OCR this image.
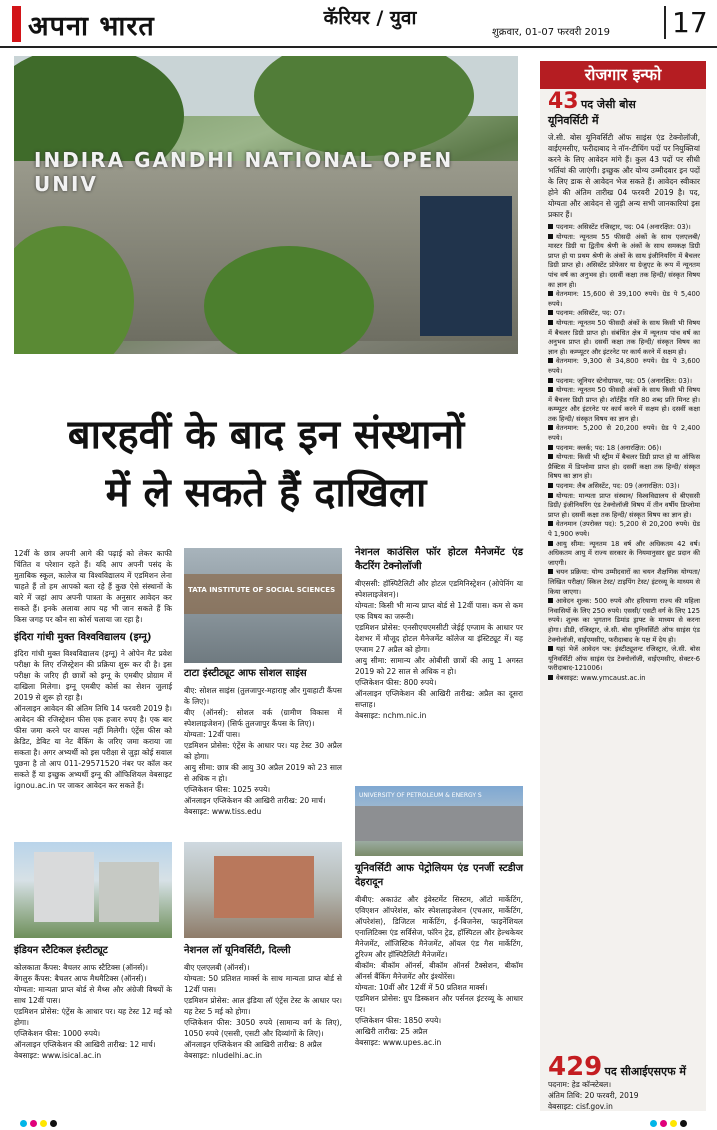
अपना भारत	कॅरियर / युवा
शुक्रवार, 01-07 फरवरी 2019 17
INDIRA GANDHI NATIONAL OPEN UNIV
बारहवीं के बाद इन संस्थानों
में ले सकते हैं दाखिला

12वीं के छात्र अपनी आगे की पढ़ाई को लेकर काफी चिंतित व परेशान रहते हैं। यदि आप अपनी पसंद के मुताबिक स्कूल, कालेज या विश्वविद्यालय में एडमिशन लेना चाहते हैं तो हम आपको बता रहे हैं कुछ ऐसे संस्थानों के बारे में जहां आप अपनी पात्रता के अनुसार आवेदन कर सकते हैं। इनके अलावा आप यह भी जान सकते हैं कि किस जगह पर कौन सा कोर्स चलाया जा रहा है।

इंदिरा गांधी मुक्त विश्वविद्यालय (इग्नू)

इंदिरा गांधी मुक्त विश्वविद्यालय (इग्नू) ने ओपेन मैट प्रवेश परीक्षा के लिए रजिस्ट्रेशन की प्रक्रिया शुरू कर दी है। इस परीक्षा के जरिए ही छात्रों को इग्नू के एमबीए प्रोग्राम में दाखिला मिलेगा। इग्नू एमबीए कोर्स का सेशन जुलाई 2019 से शुरू हो रहा है।

ऑनलाइन आवेदन की अंतिम तिथि 14 फरवरी 2019 है। आवेदन की रजिस्ट्रेशन फीस एक हजार रुपए है। एक बार फीस जमा करने पर वापस नहीं मिलेगी। एंट्रेंस फीस को क्रेडिट, डेबिट या नेट बैंकिंग के जरिए जमा कराया जा सकता है। अगर अभ्यर्थी को इस परीक्षा से जुड़ा कोई सवाल पूछना है तो आप 011-29571520 नंबर पर कॉल कर सकते हैं या इच्छुक अभ्यर्थी इग्नू की ऑफिशियल वेबसाइट ignou.ac.in पर जाकर आवेदन कर सकते हैं।

TATA INSTITUTE OF SOCIAL SCIENCES
टाटा इंस्टीट्यूट आफ सोशल साइंस

बीए: सोशल साइंस (तुलजापुर-महाराष्ट्र और गुवाहाटी कैंपस के लिए)।

बीए (ऑनर्स): सोशल वर्क (ग्रामीण विकास में स्पेशलाइजेशन) (सिर्फ तुलजापुर कैंपस के लिए)।

योग्यता: 12वीं पास।

एडमिशन प्रोसेस: एंट्रेंस के आधार पर। यह टेस्ट 30 अप्रैल को होगा।

आयु सीमा: छात्र की आयु 30 अप्रैल 2019 को 23 साल से अधिक न हो।

एप्लिकेशन फीस: 1025 रुपये।

ऑनलाइन एप्लिकेशन की आखिरी तारीख: 20 मार्च।

वेबसाइट: www.tiss.edu

नेशनल काउंसिल फॉर होटल मैनेजमेंट एंड कैटरिंग टेक्नोलॉजी

बीएससी: हॉस्पिटैलिटी और होटल एडमिनिस्ट्रेशन (ओपेनिंग या स्पेशलाइजेशन)।

योग्यता: किसी भी मान्य प्राप्त बोर्ड से 12वीं पास। कम से कम एक विषय का जरूरी।

एडमिशन प्रोसेस: एनसीएचएमसीटी जेईई एग्जाम के आधार पर देशभर में मौजूद होटल मैनेजमेंट कॉलेज या इंस्टिट्यूट में। यह एग्जाम 27 अप्रैल को होगा।

आयु सीमा: सामान्य और ओबीसी छात्रों की आयु 1 अगस्त 2019 को 22 साल से अधिक न हो।

एप्लिकेशन फीस: 800 रुपये।

ऑनलाइन एप्लिकेशन की आखिरी तारीख: अप्रैल का दूसरा सप्ताह।

वेबसाइट: nchm.nic.in

UNIVERSITY OF PETROLEUM & ENERGY S
इंडियन स्टैटिकल इंस्टीट्यूट

कोलकाता कैंपस: बैचलर आफ स्टैटिक्स (ऑनर्स)।

बेंगलुरु कैंपस: बैचलर आफ मैथमैटिक्स (ऑनर्स)।

योग्यता: मान्यता प्राप्त बोर्ड से मैथ्स और अंग्रेजी विषयों के साथ 12वीं पास।

एडमिशन प्रोसेस: एंट्रेंस के आधार पर। यह टेस्ट 12 मई को होगा।

एप्लिकेशन फीस: 1000 रुपये।

ऑनलाइन एप्लिकेशन की आखिरी तारीख: 12 मार्च।

वेबसाइट: www.isical.ac.in

नेशनल लॉ यूनिवर्सिटी, दिल्ली

बीए एलएलबी (ऑनर्स)।

योग्यता: 50 प्रतिशत मार्क्स के साथ मान्यता प्राप्त बोर्ड से 12वीं पास।

एडमिशन प्रोसेस: आल इंडिया लॉ एंट्रेंस टेस्ट के आधार पर। यह टेस्ट 5 मई को होगा।

एप्लिकेशन फीस: 3050 रुपये (सामान्य वर्ग के लिए), 1050 रुपये (एससी, एसटी और दिव्यांगों के लिए)।

ऑनलाइन एप्लिकेशन की आखिरी तारीख: 8 अप्रैल

वेबसाइट: nludelhi.ac.in

यूनिवर्सिटी आफ पेट्रोलियम एंड एनर्जी स्टडीज देहरादून

बीबीए: अकाउंट और इंवेस्टमेंट सिस्टम, ऑटो मार्केटिंग, एविएशन ऑपरेशंस, कोर स्पेशलाइजेशन (एचआर, मार्केटिंग, ऑपरेशंस), डिजिटल मार्केटिंग, ई-बिजनेस, फाइनेंशियल एनालिटिक्स एंड सर्विसेज, फॉरेन ट्रेड, हॉस्पिटल और हेल्थकेयर मैनेजमेंट, लॉजिस्टिक मैनेजमेंट, ऑयल एंड गैस मार्केटिंग, टूरिज्म और हॉस्पिटैलिटी मैनेजमेंट।

बीकॉम: बीकॉम ऑनर्स, बीकॉम ऑनर्स टैक्सेशन, बीकॉम ऑनर्स बैंकिंग मैनेजमेंट और इंश्योरेंस।

योग्यता: 10वीं और 12वीं में 50 प्रतिशत मार्क्स।

एडमिशन प्रोसेस: ग्रुप डिस्कशन और पर्सनल इंटरव्यू के आधार पर।

एप्लिकेशन फीस: 1850 रुपये।

आखिरी तारीख: 25 अप्रैल

वेबसाइट: www.upes.ac.in

रोजगार इन्फो
43 पद जेसी बोस
यूनिवर्सिटी में

जे.सी. बोस यूनिवर्सिटी ऑफ साइंस एंड टेक्नोलॉजी, वाईएमसीए, फरीदाबाद ने नॉन-टीचिंग पदों पर नियुक्तियां करने के लिए आवेदन मांगे हैं। कुल 43 पदों पर सीधी भर्तियां की जाएंगी। इच्छुक और योग्य उम्मीदवार इन पदों के लिए डाक से आवेदन भेज सकते हैं। आवेदन स्वीकार होने की अंतिम तारीख 04 फरवरी 2019 है। पद, योग्यता और आवेदन से जुड़ी अन्य सभी जानकारियां इस प्रकार हैं।

पदनाम: असिस्टेंट रजिस्ट्रार, पद: 04 (अनारक्षित: 03)।

योग्यता: न्यूनतम 55 फीसदी अंकों के साथ एलएलबी/ मास्टर डिग्री या द्वितीय श्रेणी के अंकों के साथ समकक्ष डिग्री प्राप्त हो या प्रथम श्रेणी के अंकों के साथ इंजीनियरिंग में बैचलर डिग्री प्राप्त हो। असिस्टेंट प्रोफेसर या ग्रेजुएट के रूप में न्यूनतम पांच वर्ष का अनुभव हो। दसवीं कक्षा तक हिन्दी/ संस्कृत विषय का ज्ञान हो।

वेतनमान: 15,600 से 39,100 रुपये। ग्रेड पे 5,400 रुपये।

पदनाम: असिस्टेंट, पद: 07।

योग्यता: न्यूनतम 50 फीसदी अंकों के साथ किसी भी विषय में बैचलर डिग्री प्राप्त हो। संबंधित क्षेत्र में न्यूनतम पांच वर्ष का अनुभव प्राप्त हो। दसवीं कक्षा तक हिन्दी/ संस्कृत विषय का ज्ञान हो। कम्प्यूटर और इंटरनेट पर कार्य करने में सक्षम हो।

वेतनमान: 9,300 से 34,800 रुपये। ग्रेड पे 3,600 रुपये।

पदनाम: जूनियर स्टेनोग्राफर, पद: 05 (अनारक्षित: 03)।

योग्यता: न्यूनतम 50 फीसदी अंकों के साथ किसी भी विषय में बैचलर डिग्री प्राप्त हो। शॉर्टहैंड गति 80 शब्द प्रति मिनट हो। कम्प्यूटर और इंटरनेट पर कार्य करने में सक्षम हो। दसवीं कक्षा तक हिन्दी/ संस्कृत विषय का ज्ञान हो।

वेतनमान: 5,200 से 20,200 रुपये। ग्रेड पे 2,400 रुपये।

पदनाम: क्लर्क; पद: 18 (अनारक्षित: 06)।

योग्यता: किसी भी स्ट्रीम में बैचलर डिग्री प्राप्त हो या ऑफिस प्रैक्टिस में डिप्लोमा प्राप्त हो। दसवीं कक्षा तक हिन्दी/ संस्कृत विषय का ज्ञान हो।

पदनाम: लैब असिस्टेंट, पद: 09 (अनारक्षित: 03)।

योग्यता: मान्यता प्राप्त संस्थान/ विश्वविद्यालय से बीएससी डिग्री/ इंजीनियरिंग एंड टेक्नोलॉजी विषय में तीन वर्षीय डिप्लोमा प्राप्त हो। दसवीं कक्षा तक हिन्दी/ संस्कृत विषय का ज्ञान हो।

वेतनमान (उपरोक्त पद): 5,200 से 20,200 रुपये। ग्रेड पे 1,900 रुपये।

आयु सीमा: न्यूनतम 18 वर्ष और अधिकतम 42 वर्ष। अधिकतम आयु में राज्य सरकार के नियमानुसार छूट प्रदान की जाएगी।

चयन प्रक्रिया: योग्य उम्मीदवारों का चयन शैक्षणिक योग्यता/ लिखित परीक्षा/ स्किल टेस्ट/ टाइपिंग टेस्ट/ इंटरव्यू के माध्यम से किया जाएगा।

आवेदन शुल्क: 500 रुपये और हरियाणा राज्य की महिला निवासियों के लिए 250 रुपये। एससी/ एसटी वर्ग के लिए 125 रुपये। शुल्क का भुगतान डिमांड ड्राफ्ट के माध्यम से करना होगा। डीडी, रजिस्ट्रार, जे.सी. बोस यूनिवर्सिटी ऑफ साइंस एंड टेक्नोलॉजी, वाईएमसीए, फरीदाबाद के पक्ष में देय हो।

यहां भेजें आवेदन पत्र: इंस्टीट्यूशन्ट रजिस्ट्रार, जे.सी. बोस यूनिवर्सिटी ऑफ साइंस एंड टेक्नोलॉजी, वाईएमसीए, सेक्टर-6 फरीदाबाद-121006।

वेबसाइट: www.ymcaust.ac.in

429 पद सीआईएसएफ में

पदनाम: हेड कॉन्स्टेबल।

अंतिम तिथि: 20 फरवरी, 2019

वेबसाइट: cisf.gov.in
